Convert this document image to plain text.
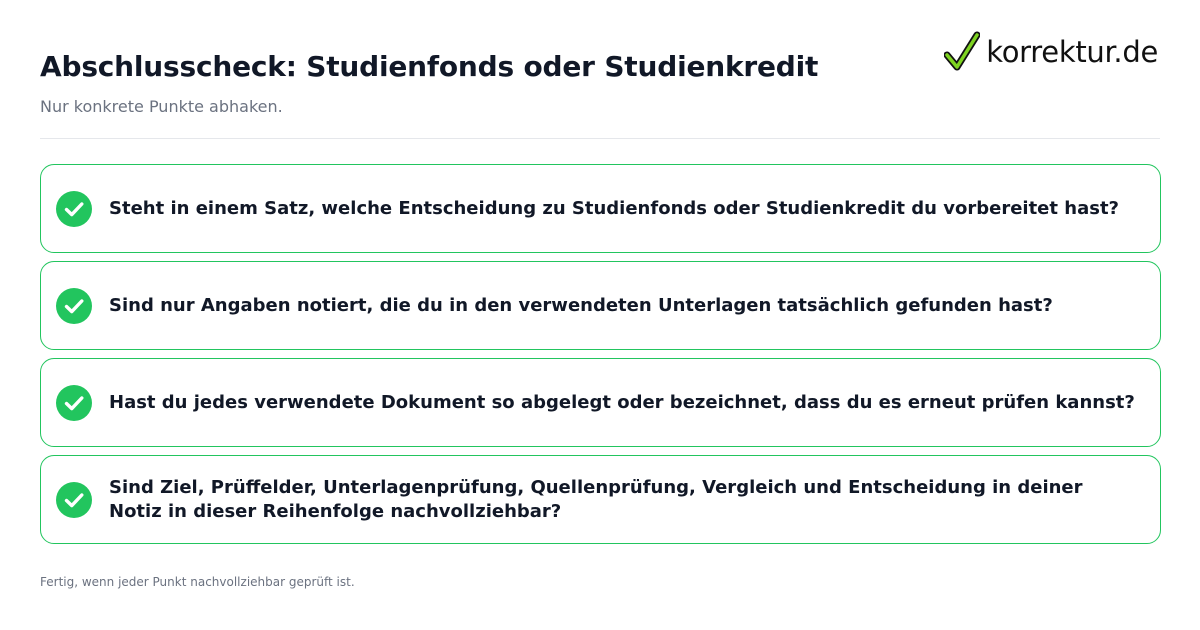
Abschlusscheck: Studienfonds oder Studienkredit

Nur konkrete Punkte abhaken.

korrektur.de
Steht in einem Satz, welche Entscheidung zu Studienfonds oder Studienkredit du vorbereitet hast?
Sind nur Angaben notiert, die du in den verwendeten Unterlagen tatsächlich gefunden hast?
Hast du jedes verwendete Dokument so abgelegt oder bezeichnet, dass du es erneut prüfen kannst?
Sind Ziel, Prüffelder, Unterlagenprüfung, Quellenprüfung, Vergleich und Entscheidung in deiner Notiz in dieser Reihenfolge nachvollziehbar?

Fertig, wenn jeder Punkt nachvollziehbar geprüft ist.
